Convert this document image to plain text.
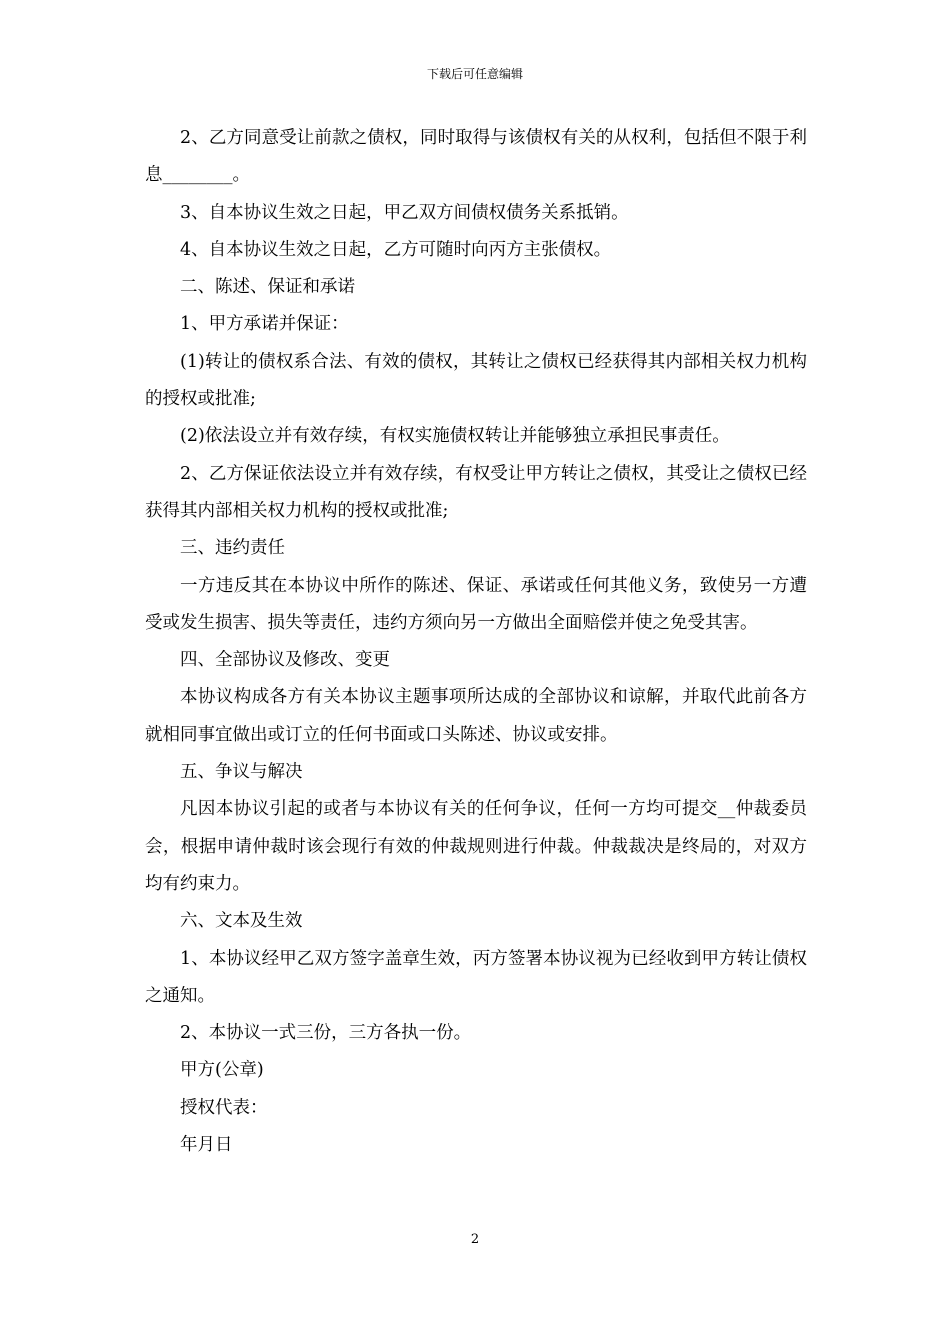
下载后可任意编辑

2、乙方同意受让前款之债权，同时取得与该债权有关的从权利，包括但不限于利息________。

3、自本协议生效之日起，甲乙双方间债权债务关系抵销。

4、自本协议生效之日起，乙方可随时向丙方主张债权。

二、陈述、保证和承诺

1、甲方承诺并保证：

(1)转让的债权系合法、有效的债权，其转让之债权已经获得其内部相关权力机构的授权或批准;

(2)依法设立并有效存续，有权实施债权转让并能够独立承担民事责任。

2、乙方保证依法设立并有效存续，有权受让甲方转让之债权，其受让之债权已经获得其内部相关权力机构的授权或批准;

三、违约责任

一方违反其在本协议中所作的陈述、保证、承诺或任何其他义务，致使另一方遭受或发生损害、损失等责任，违约方须向另一方做出全面赔偿并使之免受其害。

四、全部协议及修改、变更

本协议构成各方有关本协议主题事项所达成的全部协议和谅解，并取代此前各方就相同事宜做出或订立的任何书面或口头陈述、协议或安排。

五、争议与解决

凡因本协议引起的或者与本协议有关的任何争议，任何一方均可提交__仲裁委员会，根据申请仲裁时该会现行有效的仲裁规则进行仲裁。仲裁裁决是终局的，对双方均有约束力。

六、文本及生效

1、本协议经甲乙双方签字盖章生效，丙方签署本协议视为已经收到甲方转让债权之通知。

2、本协议一式三份，三方各执一份。

甲方(公章)

授权代表：

年月日

2
